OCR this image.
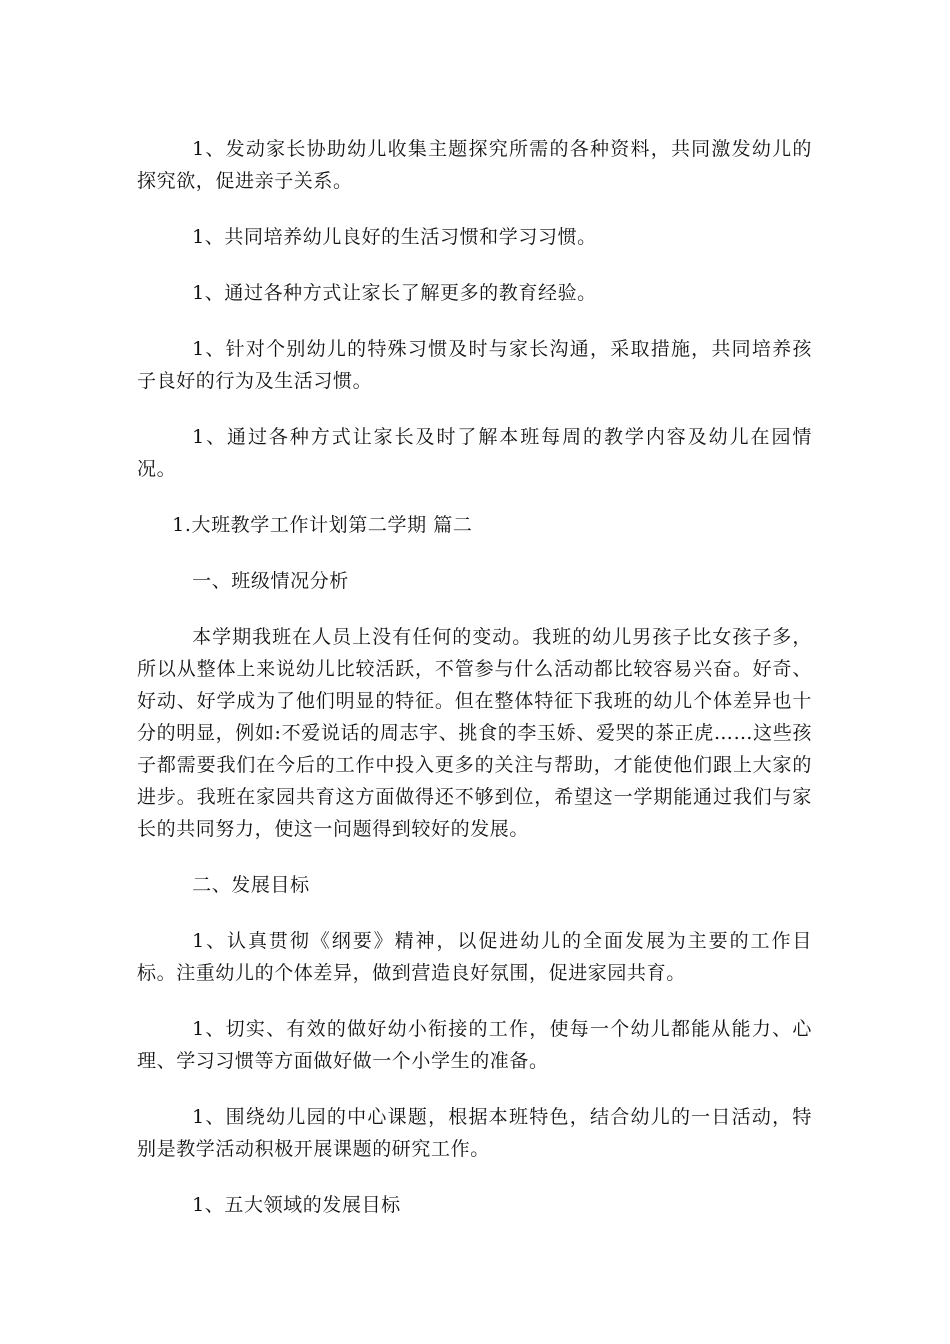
1、发动家长协助幼儿收集主题探究所需的各种资料，共同激发幼儿的探究欲，促进亲子关系。

1、共同培养幼儿良好的生活习惯和学习习惯。

1、通过各种方式让家长了解更多的教育经验。

1、针对个别幼儿的特殊习惯及时与家长沟通，采取措施，共同培养孩子良好的行为及生活习惯。

1、通过各种方式让家长及时了解本班每周的教学内容及幼儿在园情况。

1.大班教学工作计划第二学期 篇二

一、班级情况分析

本学期我班在人员上没有任何的变动。我班的幼儿男孩子比女孩子多，所以从整体上来说幼儿比较活跃，不管参与什么活动都比较容易兴奋。好奇、好动、好学成为了他们明显的特征。但在整体特征下我班的幼儿个体差异也十分的明显，例如:不爱说话的周志宇、挑食的李玉娇、爱哭的茶正虎……这些孩子都需要我们在今后的工作中投入更多的关注与帮助，才能使他们跟上大家的进步。我班在家园共育这方面做得还不够到位，希望这一学期能通过我们与家长的共同努力，使这一问题得到较好的发展。

二、发展目标

1、认真贯彻《纲要》精神，以促进幼儿的全面发展为主要的工作目标。注重幼儿的个体差异，做到营造良好氛围，促进家园共育。

1、切实、有效的做好幼小衔接的工作，使每一个幼儿都能从能力、心理、学习习惯等方面做好做一个小学生的准备。

1、围绕幼儿园的中心课题，根据本班特色，结合幼儿的一日活动，特别是教学活动积极开展课题的研究工作。

1、五大领域的发展目标
